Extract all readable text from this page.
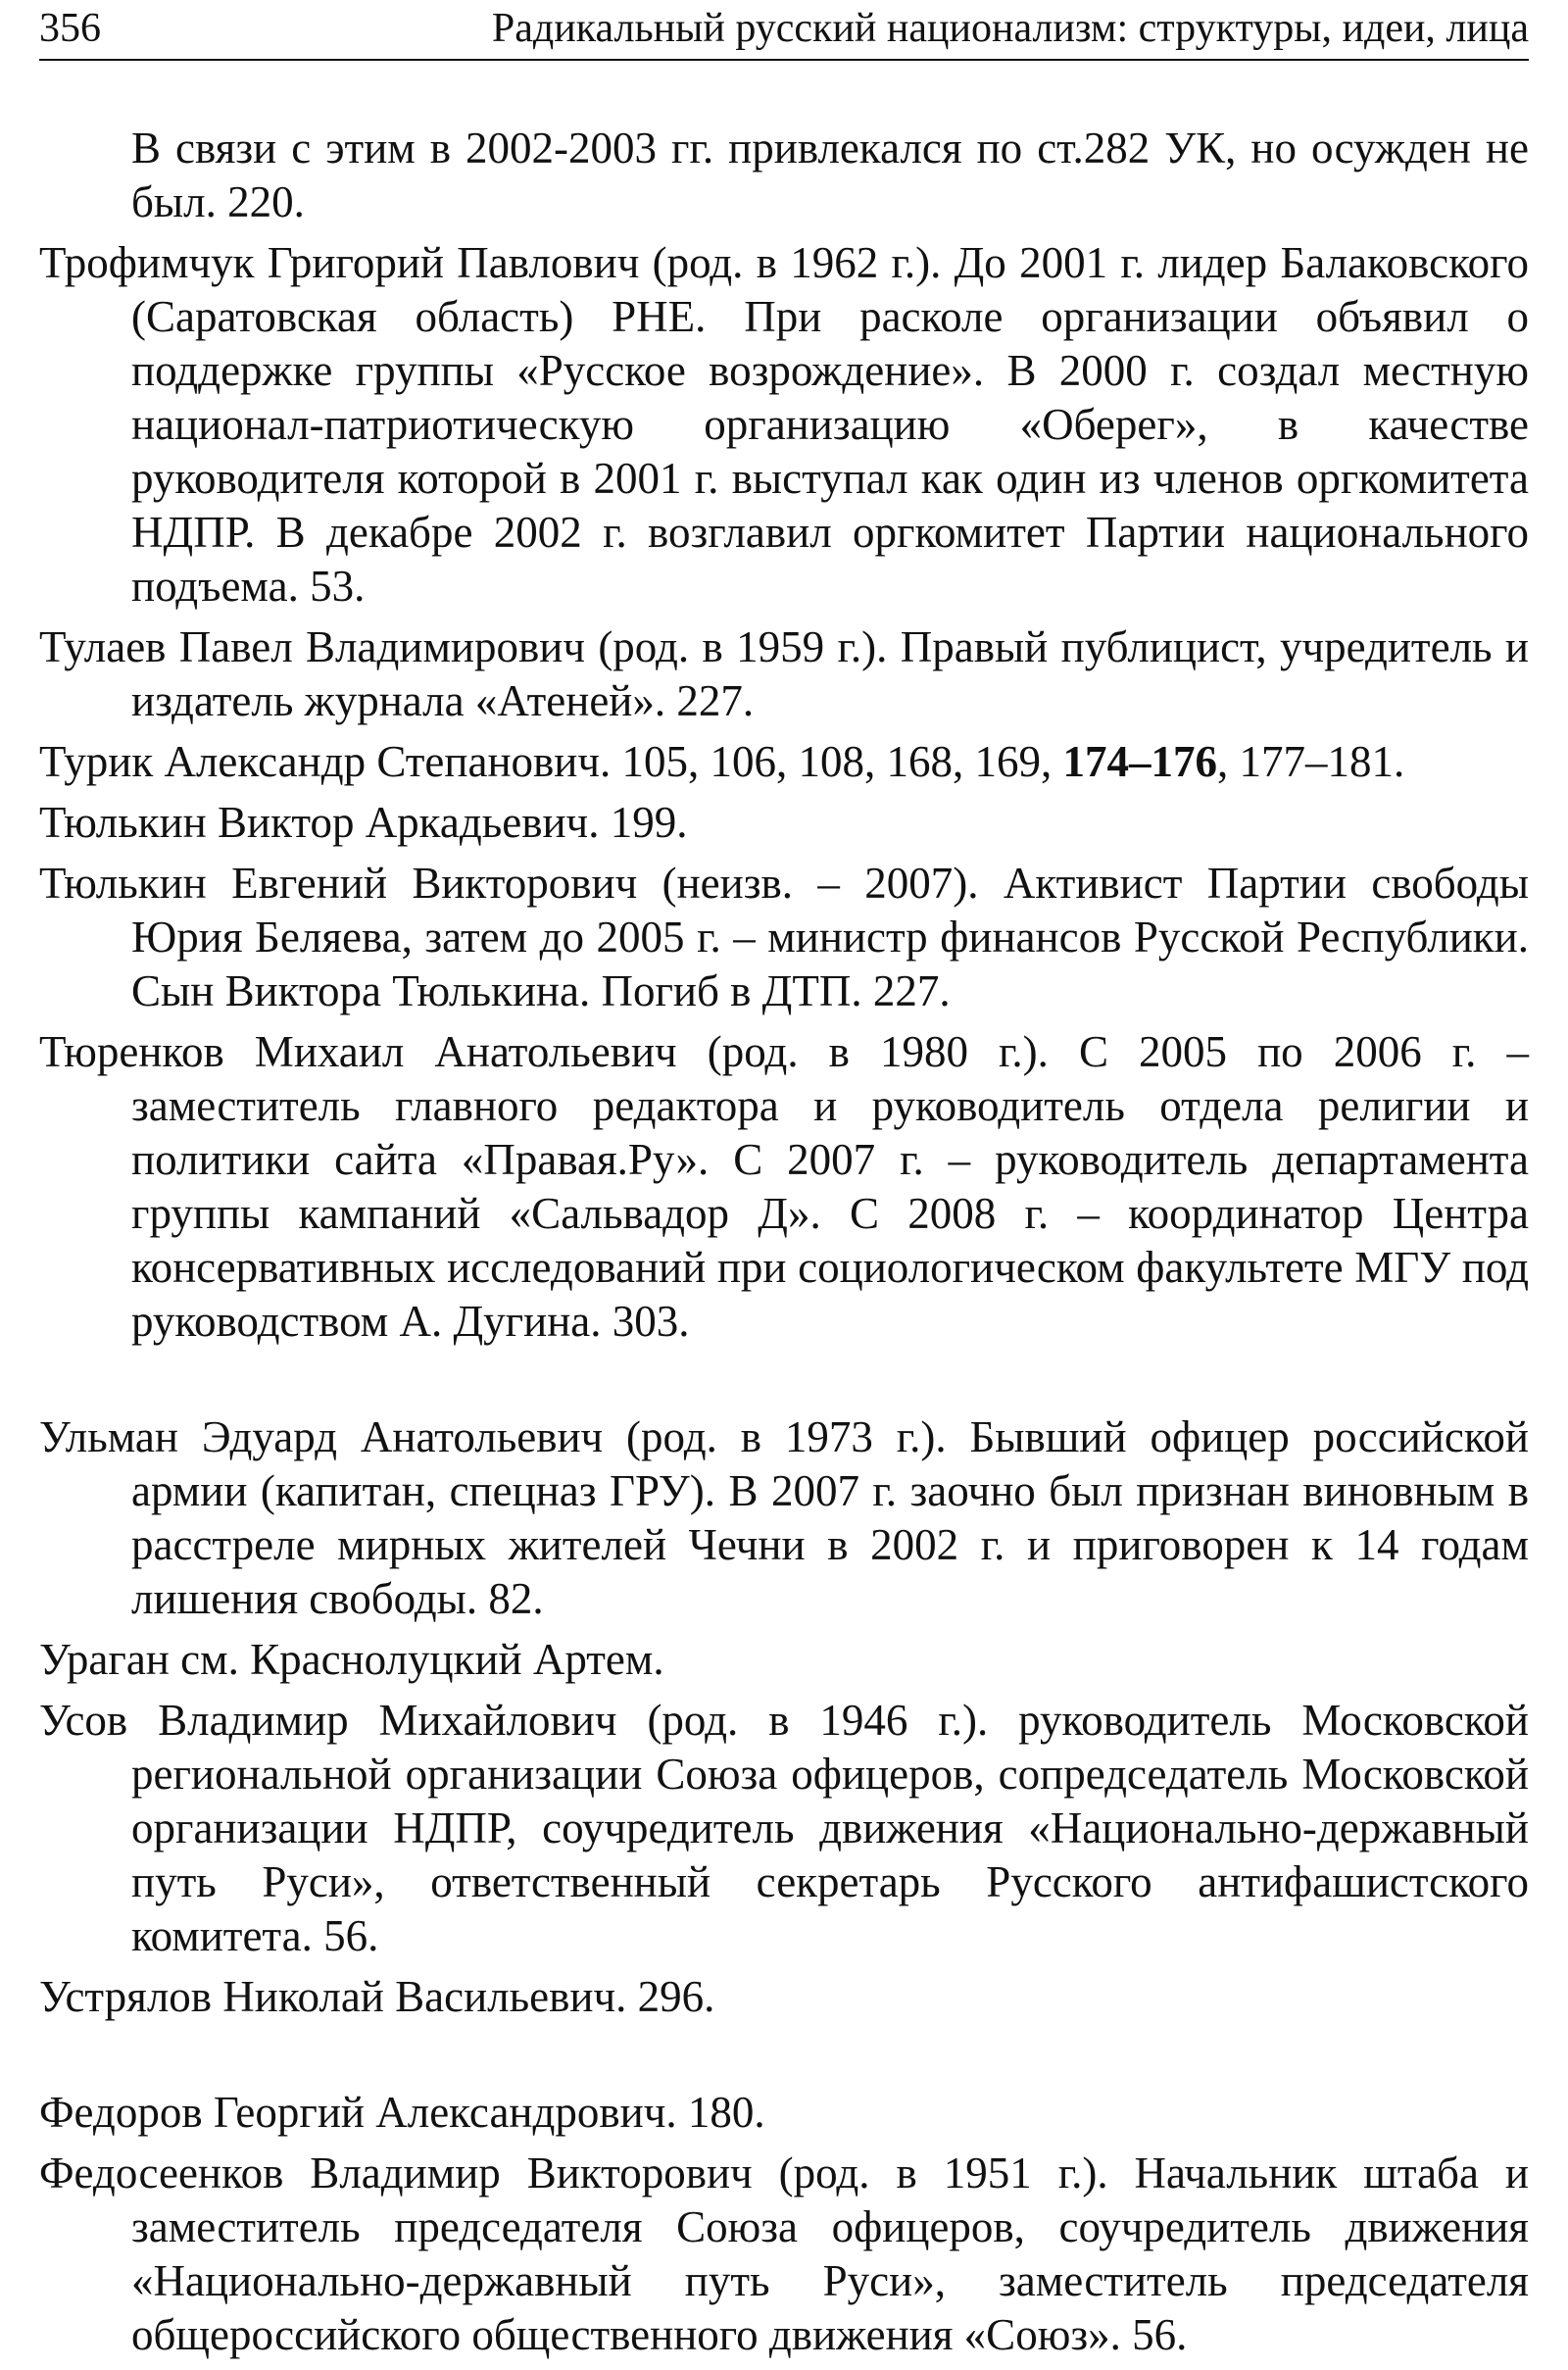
356	Радикальный русский национализм: структуры, идеи, лица

В связи с этим в 2002-2003 гг. привлекался по ст.282 УК, но осужден не был. 220.

Трофимчук Григорий Павлович (род. в 1962 г.). До 2001 г. лидер Балаковского (Саратовская область) РНЕ. При расколе организации объявил о поддержке группы «Русское возрождение». В 2000 г. создал местную национал-патриотическую организацию «Оберег», в качестве руководителя которой в 2001 г. выступал как один из членов оргкомитета НДПР. В декабре 2002 г. возглавил оргкомитет Партии национального подъема. 53.

Тулаев Павел Владимирович (род. в 1959 г.). Правый публицист, учредитель и издатель журнала «Атеней». 227.

Турик Александр Степанович. 105, 106, 108, 168, 169, 174–176, 177–181.

Тюлькин Виктор Аркадьевич. 199.

Тюлькин Евгений Викторович (неизв. – 2007). Активист Партии свободы Юрия Беляева, затем до 2005 г. – министр финансов Русской Республики. Сын Виктора Тюлькина. Погиб в ДТП. 227.

Тюренков Михаил Анатольевич (род. в 1980 г.). С 2005 по 2006 г. – заместитель главного редактора и руководитель отдела религии и политики сайта «Правая.Ру». С 2007 г. – руководитель департамента группы кампаний «Сальвадор Д». С 2008 г. – координатор Центра консервативных исследований при социологическом факультете МГУ под руководством А. Дугина. 303.

Ульман Эдуард Анатольевич (род. в 1973 г.). Бывший офицер российской армии (капитан, спецназ ГРУ). В 2007 г. заочно был признан виновным в расстреле мирных жителей Чечни в 2002 г. и приговорен к 14 годам лишения свободы. 82.

Ураган см. Краснолуцкий Артем.

Усов Владимир Михайлович (род. в 1946 г.). руководитель Московской региональной организации Союза офицеров, сопредседатель Московской организации НДПР, соучредитель движения «Национально-державный путь Руси», ответственный секретарь Русского антифашистского комитета. 56.

Устрялов Николай Васильевич. 296.

Федоров Георгий Александрович. 180.

Федосеенков Владимир Викторович (род. в 1951 г.). Начальник штаба и заместитель председателя Союза офицеров, соучредитель движения «Национально-державный путь Руси», заместитель председателя общероссийского общественного движения «Союз». 56.
